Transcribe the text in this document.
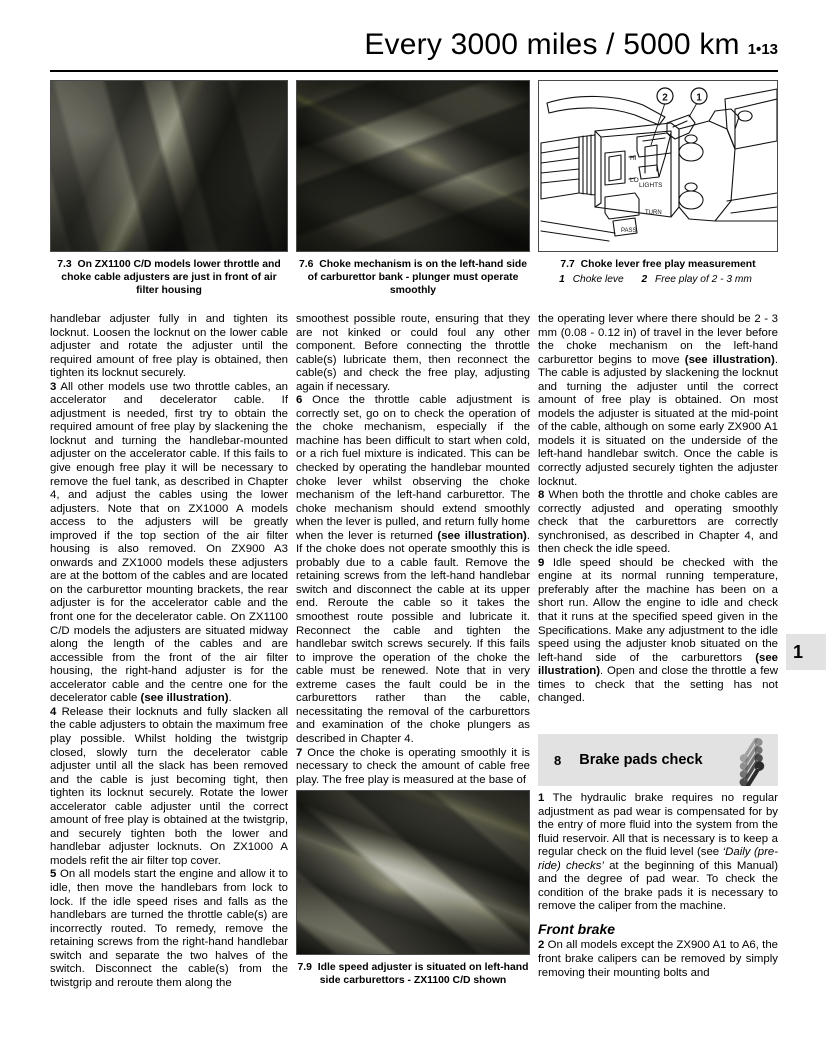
Every 3000 miles / 5000 km 1•13
1
7.3 On ZX1100 C/D models lower throttle and choke cable adjusters are just in front of air filter housing
7.6 Choke mechanism is on the left-hand side of carburettor bank - plunger must operate smoothly
1
2
HI
LO
LIGHTS
TURN
PASS
7.7 Choke lever free play measurement
1 Choke leve 2 Free play of 2 - 3 mm

handlebar adjuster fully in and tighten its locknut. Loosen the locknut on the lower cable adjuster and rotate the adjuster until the required amount of free play is obtained, then tighten its locknut securely.

3 All other models use two throttle cables, an accelerator and decelerator cable. If adjustment is needed, first try to obtain the required amount of free play by slackening the locknut and turning the handlebar-mounted adjuster on the accelerator cable. If this fails to give enough free play it will be necessary to remove the fuel tank, as described in Chapter 4, and adjust the cables using the lower adjusters. Note that on ZX1000 A models access to the adjusters will be greatly improved if the top section of the air filter housing is also removed. On ZX900 A3 onwards and ZX1000 models these adjusters are at the bottom of the cables and are located on the carburettor mounting brackets, the rear adjuster is for the accelerator cable and the front one for the decelerator cable. On ZX1100 C/D models the adjusters are situated midway along the length of the cables and are accessible from the front of the air filter housing, the right-hand adjuster is for the accelerator cable and the centre one for the decelerator cable (see illustration).

4 Release their locknuts and fully slacken all the cable adjusters to obtain the maximum free play possible. Whilst holding the twistgrip closed, slowly turn the decelerator cable adjuster until all the slack has been removed and the cable is just becoming tight, then tighten its locknut securely. Rotate the lower accelerator cable adjuster until the correct amount of free play is obtained at the twistgrip, and securely tighten both the lower and handlebar adjuster locknuts. On ZX1000 A models refit the air filter top cover.

5 On all models start the engine and allow it to idle, then move the handlebars from lock to lock. If the idle speed rises and falls as the handlebars are turned the throttle cable(s) are incorrectly routed. To remedy, remove the retaining screws from the right-hand handlebar switch and separate the two halves of the switch. Disconnect the cable(s) from the twistgrip and reroute them along the

smoothest possible route, ensuring that they are not kinked or could foul any other component. Before connecting the throttle cable(s) lubricate them, then reconnect the cable(s) and check the free play, adjusting again if necessary.

6 Once the throttle cable adjustment is correctly set, go on to check the operation of the choke mechanism, especially if the machine has been difficult to start when cold, or a rich fuel mixture is indicated. This can be checked by operating the handlebar mounted choke lever whilst observing the choke mechanism of the left-hand carburettor. The choke mechanism should extend smoothly when the lever is pulled, and return fully home when the lever is returned (see illustration). If the choke does not operate smoothly this is probably due to a cable fault. Remove the retaining screws from the left-hand handlebar switch and disconnect the cable at its upper end. Reroute the cable so it takes the smoothest route possible and lubricate it. Reconnect the cable and tighten the handlebar switch screws securely. If this fails to improve the operation of the choke the cable must be renewed. Note that in very extreme cases the fault could be in the carburettors rather than the cable, necessitating the removal of the carburettors and examination of the choke plungers as described in Chapter 4.

7 Once the choke is operating smoothly it is necessary to check the amount of cable free play. The free play is measured at the base of

7.9 Idle speed adjuster is situated on left-hand side carburettors - ZX1100 C/D shown

the operating lever where there should be 2 - 3 mm (0.08 - 0.12 in) of travel in the lever before the choke mechanism on the left-hand carburettor begins to move (see illustration). The cable is adjusted by slackening the locknut and turning the adjuster until the correct amount of free play is obtained. On most models the adjuster is situated at the mid-point of the cable, although on some early ZX900 A1 models it is situated on the underside of the left-hand handlebar switch. Once the cable is correctly adjusted securely tighten the adjuster locknut.

8 When both the throttle and choke cables are correctly adjusted and operating smoothly check that the carburettors are correctly synchronised, as described in Chapter 4, and then check the idle speed.

9 Idle speed should be checked with the engine at its normal running temperature, preferably after the machine has been on a short run. Allow the engine to idle and check that it runs at the specified speed given in the Specifications. Make any adjustment to the idle speed using the adjuster knob situated on the left-hand side of the carburettors (see illustration). Open and close the throttle a few times to check that the setting has not changed.

8 Brake pads check

1 The hydraulic brake requires no regular adjustment as pad wear is compensated for by the entry of more fluid into the system from the fluid reservoir. All that is necessary is to keep a regular check on the fluid level (see ‘Daily (pre-ride) checks’ at the beginning of this Manual) and the degree of pad wear. To check the condition of the brake pads it is necessary to remove the caliper from the machine.

Front brake

2 On all models except the ZX900 A1 to A6, the front brake calipers can be removed by simply removing their mounting bolts and
